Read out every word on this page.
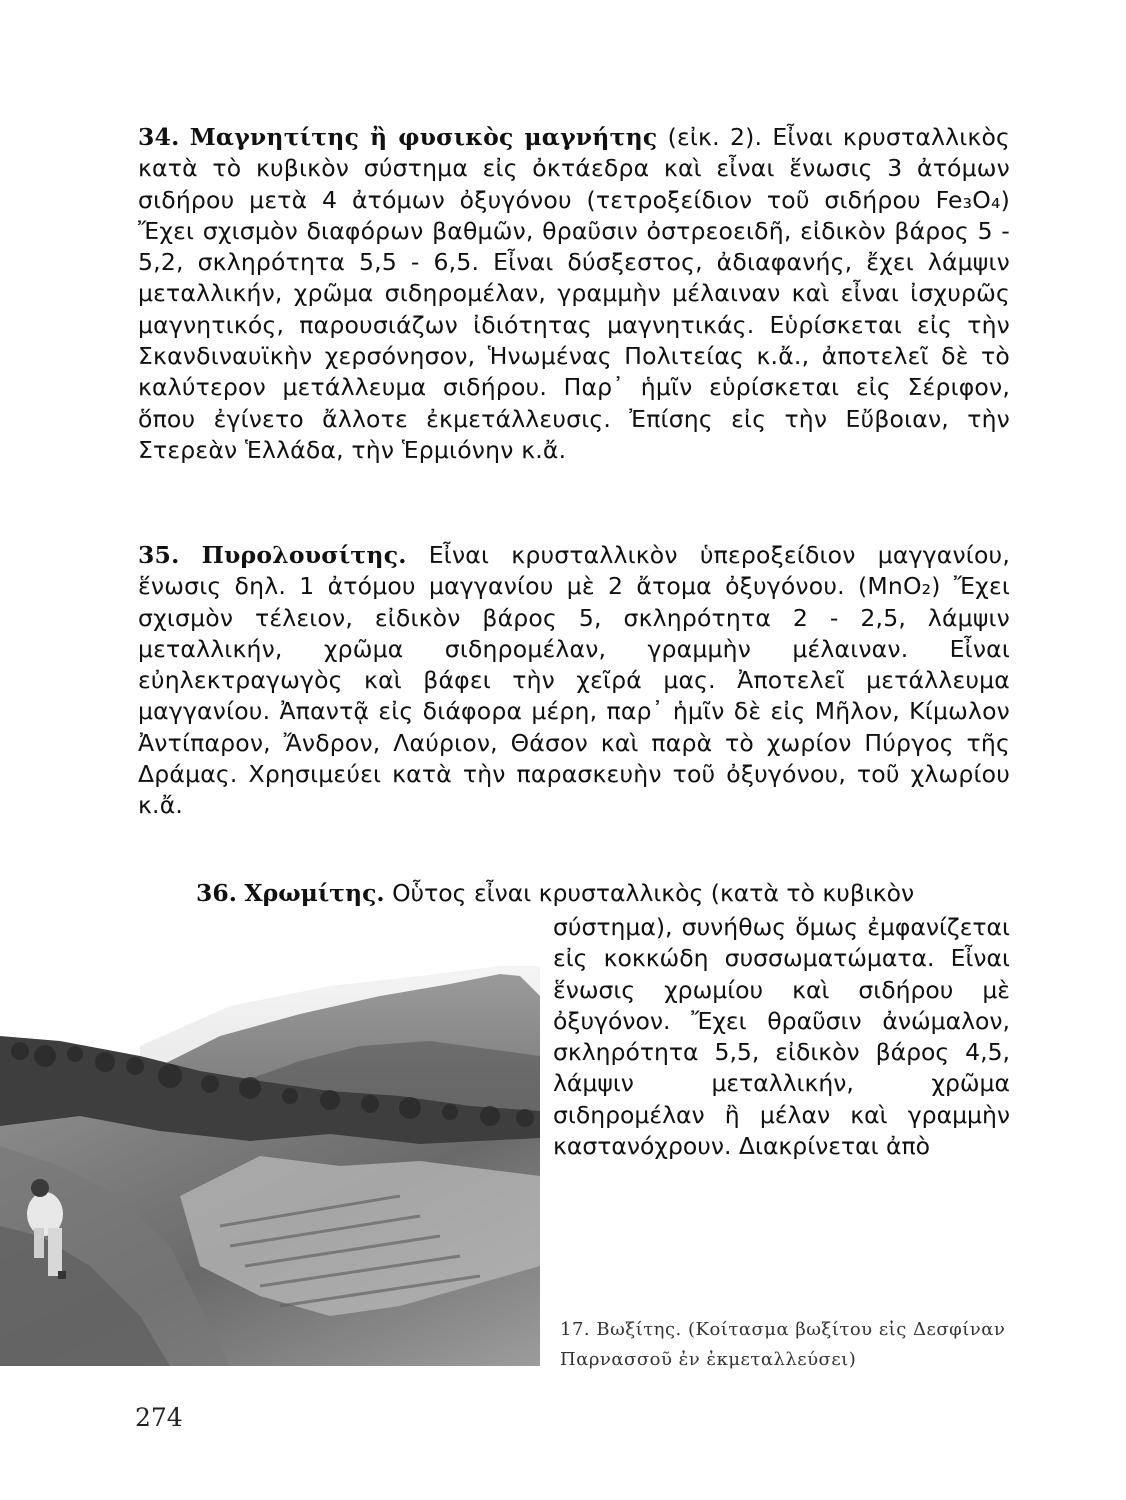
34. Μαγνητίτης ἢ φυσικὸς μαγνήτης (εἰκ. 2). Εἶναι κρυσταλλικὸς κατὰ τὸ κυβικὸν σύστημα εἰς ὀκτάεδρα καὶ εἶναι ἕνωσις 3 ἀτόμων σιδήρου μετὰ 4 ἀτόμων ὀξυγόνου (τετροξείδιον τοῦ σιδήρου Fe₃O₄) Ἔχει σχισμὸν διαφόρων βαθμῶν, θραῦσιν ὀστρεοειδῆ, εἰδικὸν βάρος 5 - 5,2, σκληρότητα 5,5 - 6,5. Εἶναι δύσξεστος, ἀδιαφανής, ἔχει λάμψιν μεταλλικήν, χρῶμα σιδηρομέλαν, γραμμὴν μέλαιναν καὶ εἶναι ἰσχυρῶς μαγνητικός, παρουσιάζων ἰδιότητας μαγνητικάς. Εὑρίσκεται εἰς τὴν Σκανδιναυϊκὴν χερσόνησον, Ἡνωμένας Πολιτείας κ.ἄ., ἀποτελεῖ δὲ τὸ καλύτερον μετάλλευμα σιδήρου. Παρ᾽ ἡμῖν εὑρίσκεται εἰς Σέριφον, ὅπου ἐγίνετο ἄλλοτε ἐκμετάλλευσις. Ἐπίσης εἰς τὴν Εὔβοιαν, τὴν Στερεὰν Ἑλλάδα, τὴν Ἑρμιόνην κ.ἄ.

35. Πυρολουσίτης. Εἶναι κρυσταλλικὸν ὑπεροξείδιον μαγγανίου, ἕνωσις δηλ. 1 ἀτόμου μαγγανίου μὲ 2 ἄτομα ὀξυγόνου. (MnO₂) Ἔχει σχισμὸν τέλειον, εἰδικὸν βάρος 5, σκληρότητα 2 - 2,5, λάμψιν μεταλλικήν, χρῶμα σιδηρομέλαν, γραμμὴν μέλαιναν. Εἶναι εὐηλεκτραγωγὸς καὶ βάφει τὴν χεῖρά μας. Ἀποτελεῖ μετάλλευμα μαγγανίου. Ἀπαντᾷ εἰς διάφορα μέρη, παρ᾽ ἡμῖν δὲ εἰς Μῆλον, Κίμωλον Ἀντίπαρον, Ἄνδρον, Λαύριον, Θάσον καὶ παρὰ τὸ χωρίον Πύργος τῆς Δράμας. Χρησιμεύει κατὰ τὴν παρασκευὴν τοῦ ὀξυγόνου, τοῦ χλωρίου κ.ἄ.

36. Χρωμίτης. Οὗτος εἶναι κρυσταλλικὸς (κατὰ τὸ κυβικὸν

σύστημα), συνήθως ὅμως ἐμφανίζεται εἰς κοκκώδη συσσωματώματα. Εἶναι ἕνωσις χρωμίου καὶ σιδήρου μὲ ὀξυγόνον. Ἔχει θραῦσιν ἀνώμαλον, σκληρότητα 5,5, εἰδικὸν βάρος 4,5, λάμψιν μεταλλικήν, χρῶμα σιδηρομέλαν ἢ μέλαν καὶ γραμμὴν καστανόχρουν. Διακρίνεται ἀπὸ

17. Βωξίτης. (Κοίτασμα βωξίτου εἰς Δεσφίναν Παρνασσοῦ ἐν ἐκμεταλλεύσει)
274
